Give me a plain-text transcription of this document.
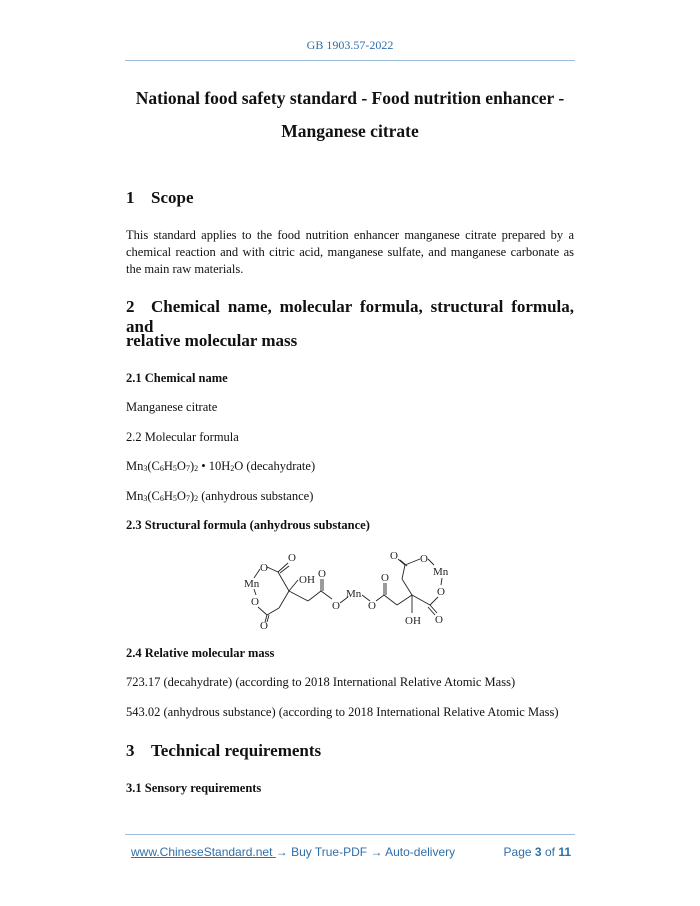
GB 1903.57-2022
National food safety standard - Food nutrition enhancer -
Manganese citrate
1 Scope
This standard applies to the food nutrition enhancer manganese citrate prepared by a chemical reaction and with citric acid, manganese sulfate, and manganese carbonate as the main raw materials.
2 Chemical name, molecular formula, structural formula, and
relative molecular mass
2.1 Chemical name
Manganese citrate
2.2 Molecular formula
$Mn_3(C_6H_5O_7)_2$ • $10H_2O$ (decahydrate)
$Mn_3(C_6H_5O_7)_2$ (anhydrous substance)
2.3 Structural formula (anhydrous substance)
Mn
O
O
O
O
OH O
O
Mn
O
O
OH
O O
Mn
O
O
2.4 Relative molecular mass
723.17 (decahydrate) (according to 2018 International Relative Atomic Mass)
543.02 (anhydrous substance) (according to 2018 International Relative Atomic Mass)
3 Technical requirements
3.1 Sensory requirements
www.ChineseStandard.net → Buy True-PDF → Auto-delivery	Page 3 of 11
